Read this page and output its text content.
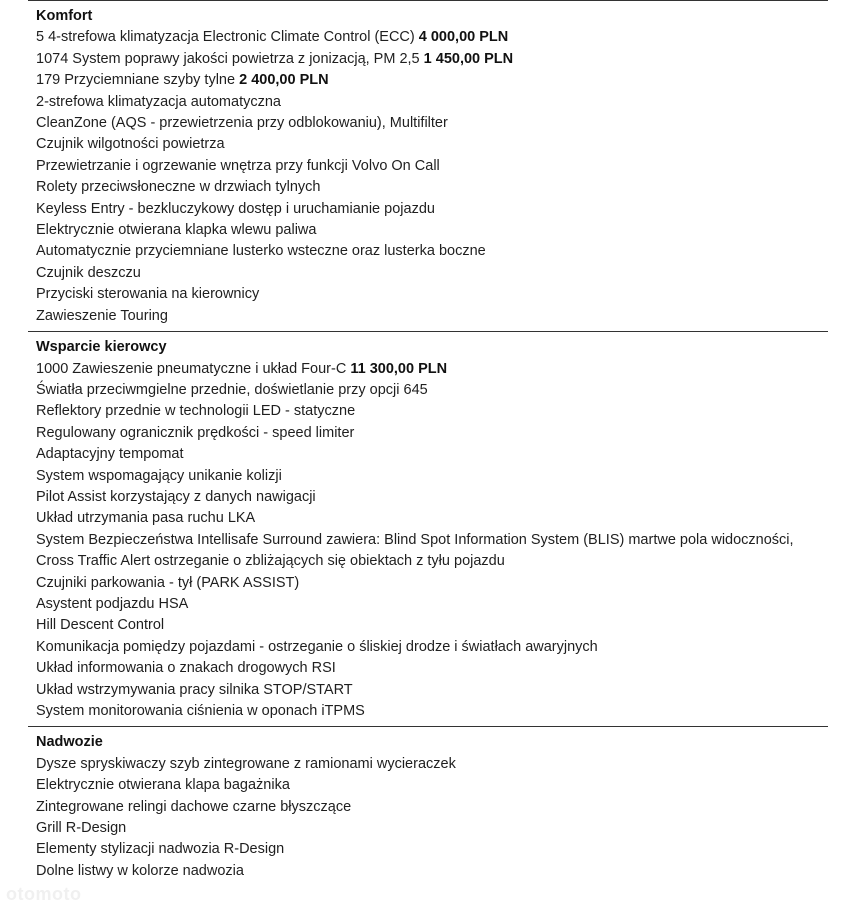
Komfort
5 4-strefowa klimatyzacja Electronic Climate Control (ECC) 4 000,00 PLN
1074 System poprawy jakości powietrza z jonizacją, PM 2,5 1 450,00 PLN
179 Przyciemniane szyby tylne 2 400,00 PLN
2-strefowa klimatyzacja automatyczna
CleanZone (AQS - przewietrzenia przy odblokowaniu), Multifilter
Czujnik wilgotności powietrza
Przewietrzanie i ogrzewanie wnętrza przy funkcji Volvo On Call
Rolety przeciwsłoneczne w drzwiach tylnych
Keyless Entry - bezkluczykowy dostęp i uruchamianie pojazdu
Elektrycznie otwierana klapka wlewu paliwa
Automatycznie przyciemniane lusterko wsteczne oraz lusterka boczne
Czujnik deszczu
Przyciski sterowania na kierownicy
Zawieszenie Touring
Wsparcie kierowcy
1000 Zawieszenie pneumatyczne i układ Four-C 11 300,00 PLN
Światła przeciwmgielne przednie, doświetlanie przy opcji 645
Reflektory przednie w technologii LED - statyczne
Regulowany ogranicznik prędkości - speed limiter
Adaptacyjny tempomat
System wspomagający unikanie kolizji
Pilot Assist korzystający z danych nawigacji
Układ utrzymania pasa ruchu LKA
System Bezpieczeństwa Intellisafe Surround zawiera: Blind Spot Information System (BLIS) martwe pola widoczności, Cross Traffic Alert ostrzeganie o zbliżających się obiektach z tyłu pojazdu
Czujniki parkowania - tył (PARK ASSIST)
Asystent podjazdu HSA
Hill Descent Control
Komunikacja pomiędzy pojazdami - ostrzeganie o śliskiej drodze i światłach awaryjnych
Układ informowania o znakach drogowych RSI
Układ wstrzymywania pracy silnika STOP/START
System monitorowania ciśnienia w oponach iTPMS
Nadwozie
Dysze spryskiwaczy szyb zintegrowane z ramionami wycieraczek
Elektrycznie otwierana klapa bagażnika
Zintegrowane relingi dachowe czarne błyszczące
Grill R-Design
Elementy stylizacji nadwozia R-Design
Dolne listwy w kolorze nadwozia
otomoto
